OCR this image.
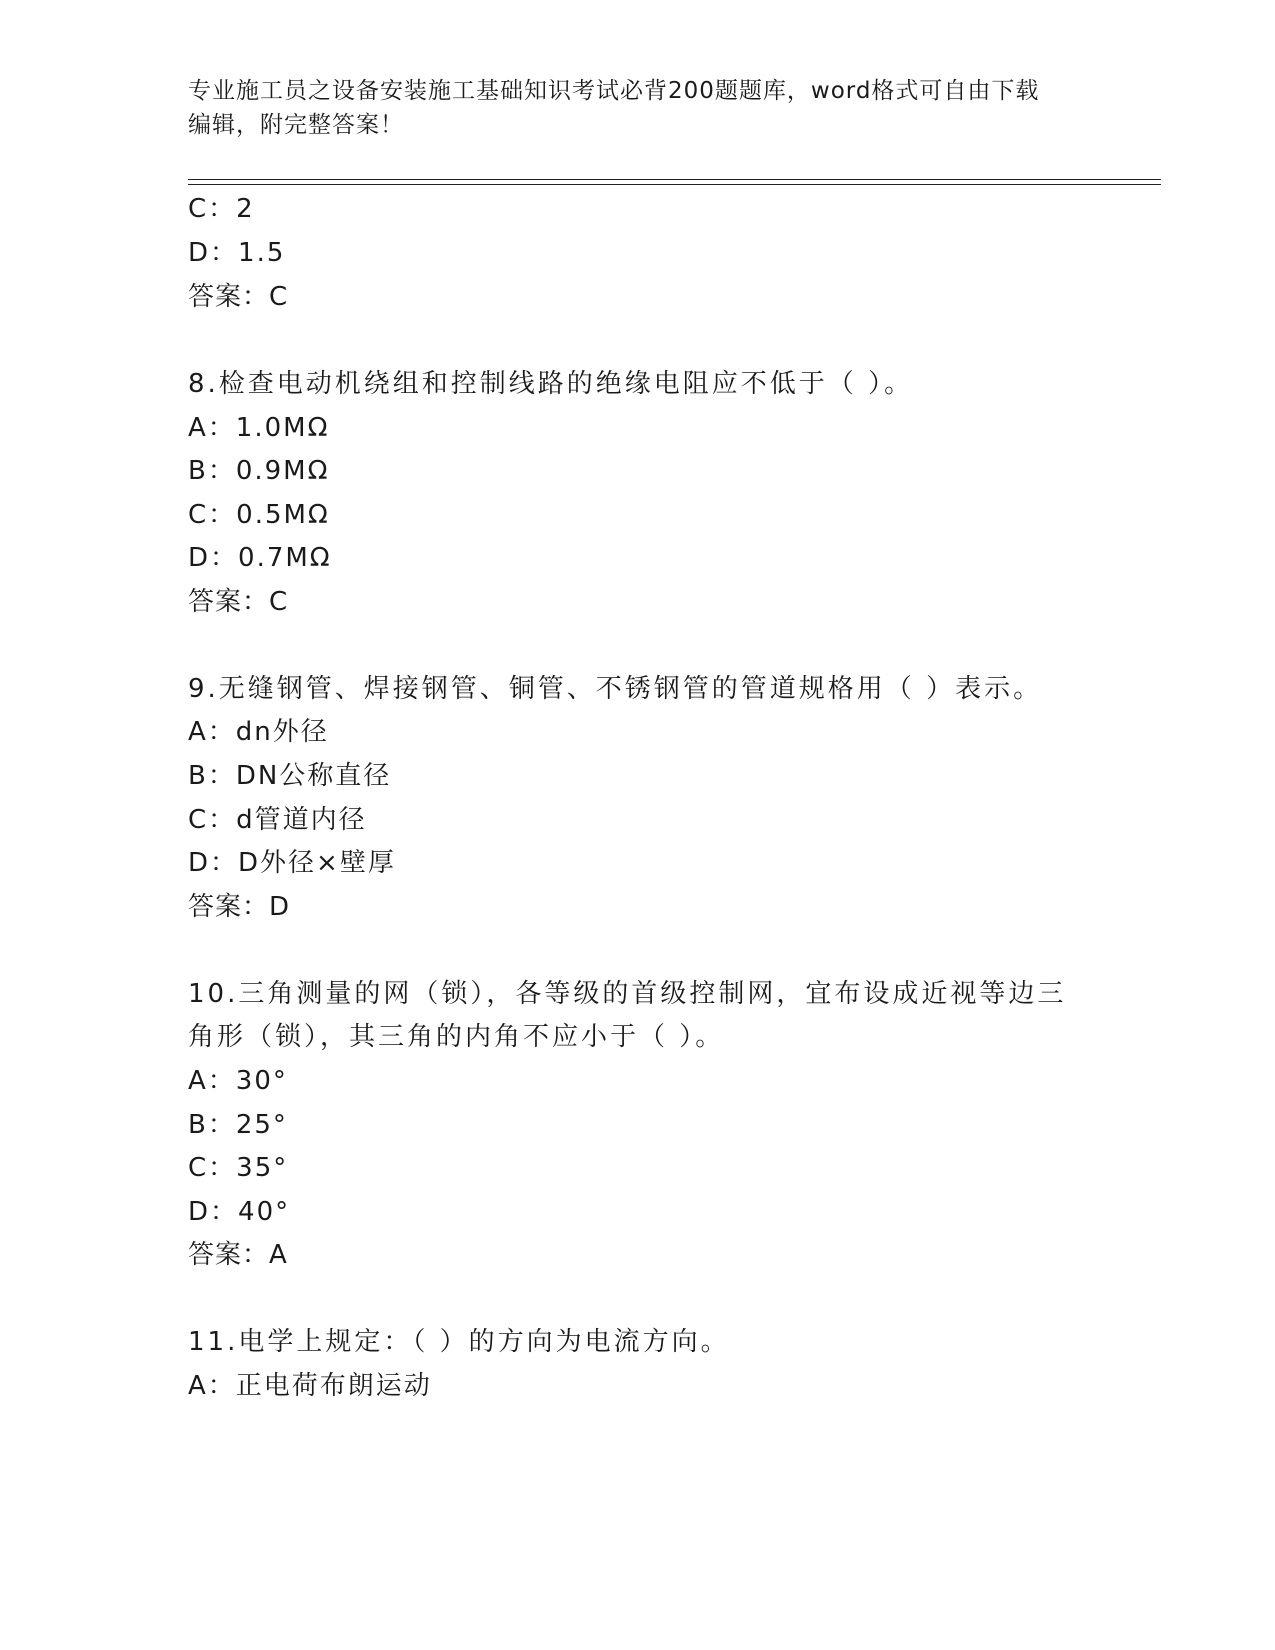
专业施工员之设备安装施工基础知识考试必背200题题库，word格式可自由下载
编辑，附完整答案！
C：2
D：1.5
答案：C
8.检查电动机绕组和控制线路的绝缘电阻应不低于（ ）。
A：1.0MΩ
B：0.9MΩ
C：0.5MΩ
D：0.7MΩ
答案：C
9.无缝钢管、焊接钢管、铜管、不锈钢管的管道规格用（ ）表示。
A：dn外径
B：DN公称直径
C：d管道内径
D：D外径×壁厚
答案：D
10.三角测量的网（锁），各等级的首级控制网，宜布设成近视等边三
角形（锁），其三角的内角不应小于（ ）。
A：30°
B：25°
C：35°
D：40°
答案：A
11.电学上规定：（ ）的方向为电流方向。
A：正电荷布朗运动
